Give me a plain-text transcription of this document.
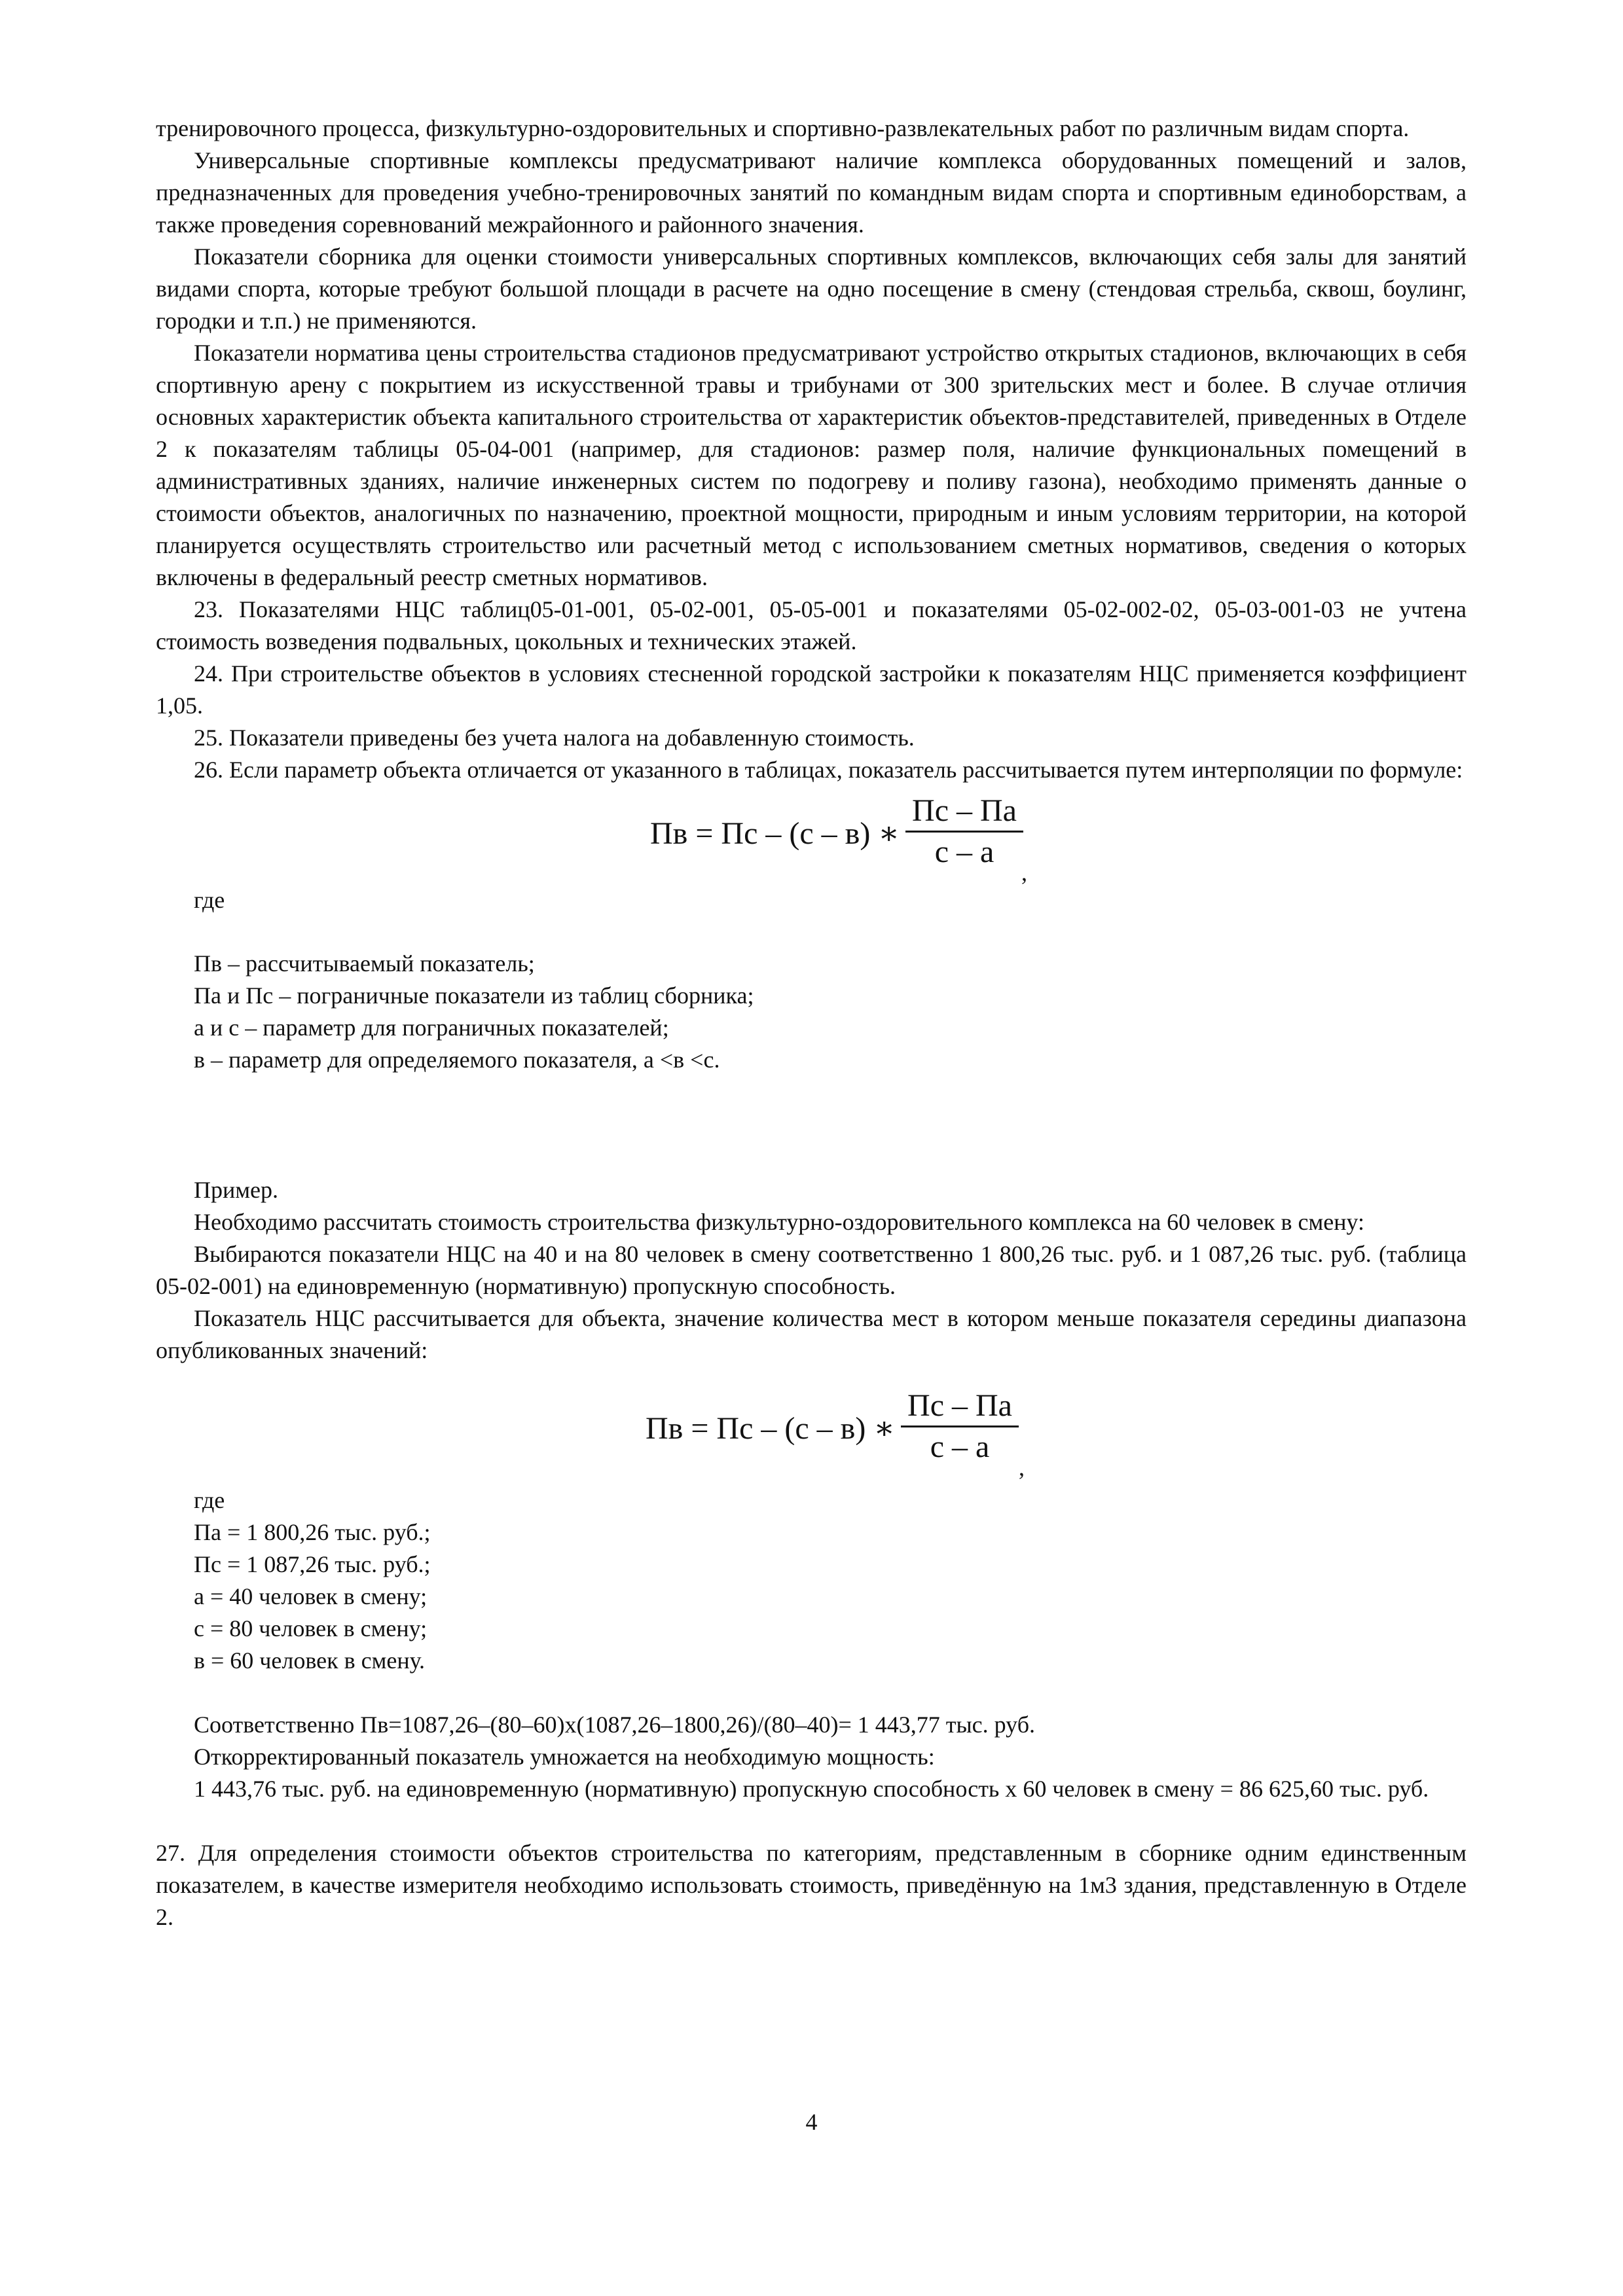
тренировочного процесса, физкультурно-оздоровительных и спортивно-развлекательных работ по различным видам спорта.

Универсальные спортивные комплексы предусматривают наличие комплекса оборудованных помещений и залов, предназначенных для проведения учебно-тренировочных занятий по командным видам спорта и спортивным единоборствам, а также проведения соревнований межрайонного и районного значения.

Показатели сборника для оценки стоимости универсальных спортивных комплексов, включающих себя залы для занятий видами спорта, которые требуют большой площади в расчете на одно посещение в смену (стендовая стрельба, сквош, боулинг, городки и т.п.) не применяются.

Показатели норматива цены строительства стадионов предусматривают устройство открытых стадионов, включающих в себя спортивную арену с покрытием из искусственной травы и трибунами от 300 зрительских мест и более. В случае отличия основных характеристик объекта капитального строительства от характеристик объектов-представителей, приведенных в Отделе 2 к показателям таблицы 05-04-001 (например, для стадионов: размер поля, наличие функциональных помещений в административных зданиях, наличие инженерных систем по подогреву и поливу газона), необходимо применять данные о стоимости объектов, аналогичных по назначению, проектной мощности, природным и иным условиям территории, на которой планируется осуществлять строительство или расчетный метод с использованием сметных нормативов, сведения о которых включены в федеральный реестр сметных нормативов.

23. Показателями НЦС таблиц05-01-001, 05-02-001, 05-05-001 и показателями 05-02-002-02, 05-03-001-03 не учтена стоимость возведения подвальных, цокольных и технических этажей.

24. При строительстве объектов в условиях стесненной городской застройки к показателям НЦС применяется коэффициент 1,05.

25. Показатели приведены без учета налога на добавленную стоимость.

26. Если параметр объекта отличается от указанного в таблицах, показатель рассчитывается путем интерполяции по формуле:

Пв = Пс – (с – в) ∗
Пс – Па
с – а
,

где

Пв – рассчитываемый показатель;

Па и Пс – пограничные показатели из таблиц сборника;

а и с – параметр для пограничных показателей;

в – параметр для определяемого показателя, а <в <с.

Пример.

Необходимо рассчитать стоимость строительства физкультурно-оздоровительного комплекса на 60 человек в смену:

Выбираются показатели НЦС на 40 и на 80 человек в смену соответственно 1 800,26 тыс. руб. и 1 087,26 тыс. руб. (таблица 05-02-001) на единовременную (нормативную) пропускную способность.

Показатель НЦС рассчитывается для объекта, значение количества мест в котором меньше показателя середины диапазона опубликованных значений:

Пв = Пс – (с – в) ∗
Пс – Па
с – а
,

где

Па = 1 800,26 тыс. руб.;

Пс = 1 087,26 тыс. руб.;

а = 40 человек в смену;

с = 80 человек в смену;

в = 60 человек в смену.

Соответственно Пв=1087,26–(80–60)х(1087,26–1800,26)/(80–40)= 1 443,77 тыс. руб.

Откорректированный показатель умножается на необходимую мощность:

1 443,76 тыс. руб. на единовременную (нормативную) пропускную способность х 60 человек в смену = 86 625,60 тыс. руб.

27. Для определения стоимости объектов строительства по категориям, представленным в сборнике одним единственным показателем, в качестве измерителя необходимо использовать стоимость, приведённую на 1м3 здания, представленную в Отделе 2.

4
